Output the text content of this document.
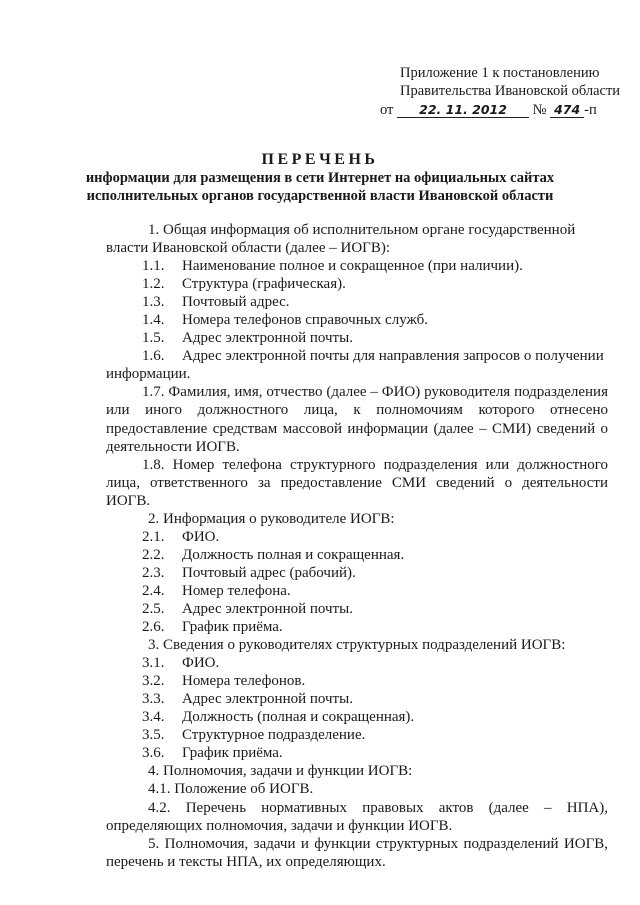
Приложение 1 к постановлению
Правительства Ивановской области
от 22. 11. 2012 № 474 -п
ПЕРЕЧЕНЬ
информации для размещения в сети Интернет на официальных сайтах
исполнительных органов государственной власти Ивановской области
1. Общая информация об исполнительном органе государственной
власти Ивановской области (далее – ИОГВ):
1.1. Наименование полное и сокращенное (при наличии).
1.2. Структура (графическая).
1.3. Почтовый адрес.
1.4. Номера телефонов справочных служб.
1.5. Адрес электронной почты.
1.6. Адрес электронной почты для направления запросов о получении
информации.

1.7. Фамилия, имя, отчество (далее – ФИО) руководителя подразделения или иного должностного лица, к полномочиям которого отнесено предоставление средствам массовой информации (далее – СМИ) сведений о деятельности ИОГВ.

1.8. Номер телефона структурного подразделения или должностного лица, ответственного за предоставление СМИ сведений о деятельности ИОГВ.

2. Информация о руководителе ИОГВ:
2.1. ФИО.
2.2. Должность полная и сокращенная.
2.3. Почтовый адрес (рабочий).
2.4. Номер телефона.
2.5. Адрес электронной почты.
2.6. График приёма.
3. Сведения о руководителях структурных подразделений ИОГВ:
3.1. ФИО.
3.2. Номера телефонов.
3.3. Адрес электронной почты.
3.4. Должность (полная и сокращенная).
3.5. Структурное подразделение.
3.6. График приёма.
4. Полномочия, задачи и функции ИОГВ:
4.1. Положение об ИОГВ.

4.2. Перечень нормативных правовых актов (далее – НПА), определяющих полномочия, задачи и функции ИОГВ.

5. Полномочия, задачи и функции структурных подразделений ИОГВ, перечень и тексты НПА, их определяющих.
